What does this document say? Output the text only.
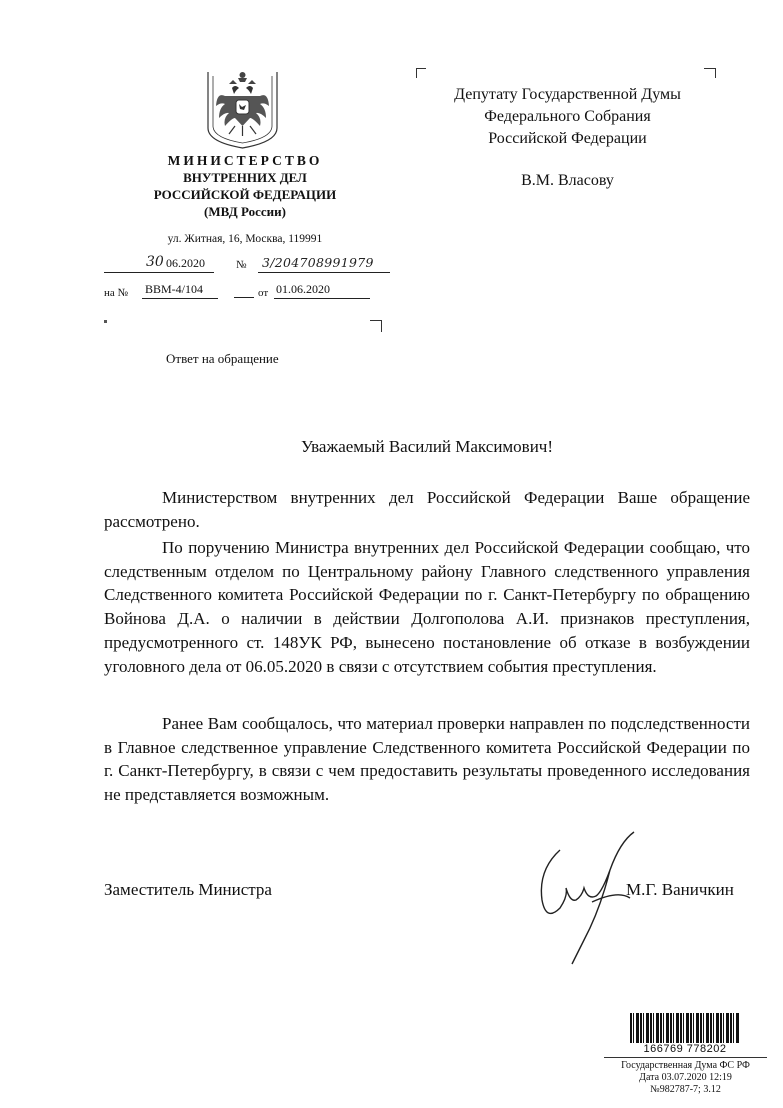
МИНИСТЕРСТВО
ВНУТРЕННИХ ДЕЛ
РОССИЙСКОЙ ФЕДЕРАЦИИ
(МВД России)
ул. Житная, 16, Москва, 119991
30 06.2020	№ 3/204708991979
на № ВВМ-4/104	от 01.06.2020
Ответ на обращение
Депутату Государственной Думы
Федерального Собрания
Российской Федерации
В.М. Власову
Уважаемый Василий Максимович!
Министерством внутренних дел Российской Федерации Ваше обращение рассмотрено.
По поручению Министра внутренних дел Российской Федерации сообщаю, что следственным отделом по Центральному району Главного следственного управления Следственного комитета Российской Федерации по г. Санкт-Петербургу по обращению Войнова Д.А. о наличии в действии Долгополова А.И. признаков преступления, предусмотренного ст. 148УК РФ, вынесено постановление об отказе в возбуждении уголовного дела от 06.05.2020 в связи с отсутствием события преступления.
Ранее Вам сообщалось, что материал проверки направлен по подследственности в Главное следственное управление Следственного комитета Российской Федерации по г. Санкт-Петербургу, в связи с чем предоставить результаты проведенного исследования не представляется возможным.
Заместитель Министра	М.Г. Ваничкин
166769 778202
Государственная Дума ФС РФ
Дата 03.07.2020 12:19
№982787-7; 3.12
